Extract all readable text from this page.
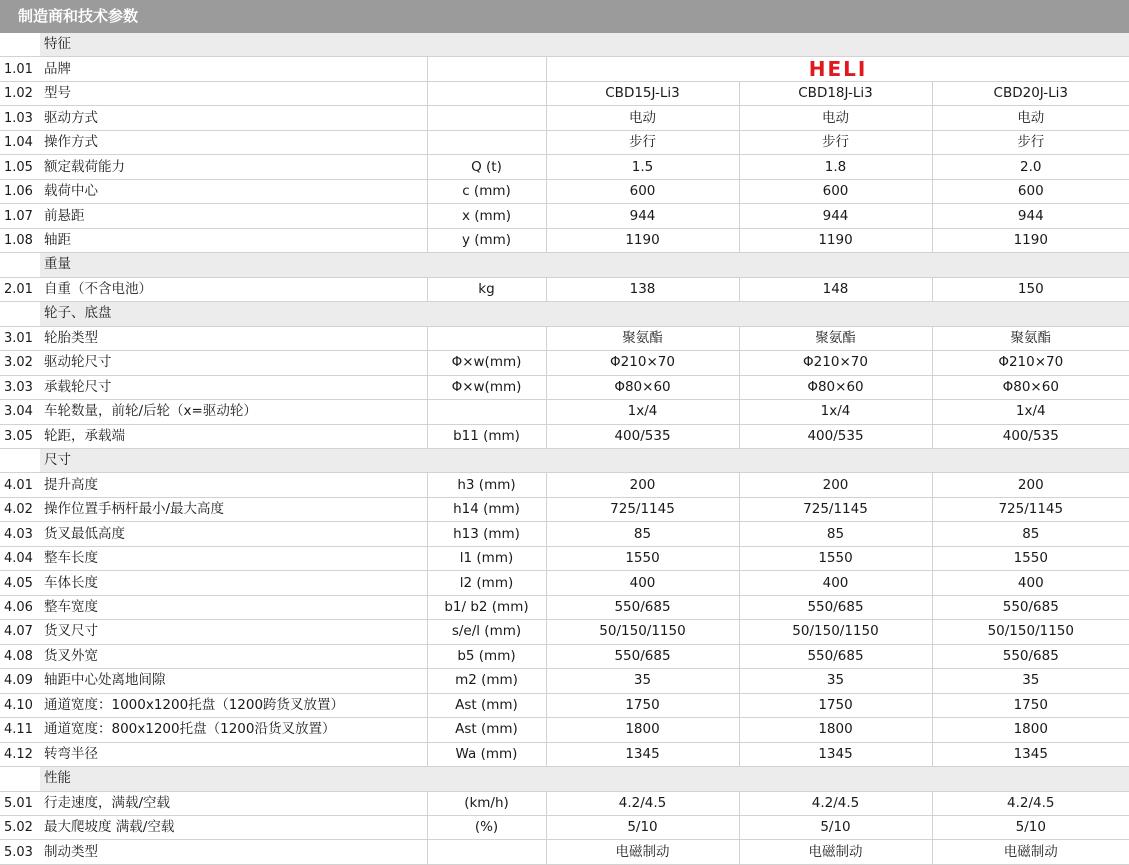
制造商和技术参数
	特征				
1.01	品牌		HELI		

1.02	型号		CBD15J-Li3	CBD18J-Li3	CBD20J-Li3
1.03	驱动方式		电动	电动	电动
1.04	操作方式		步行	步行	步行
1.05	额定载荷能力	Q (t)	1.5	1.8	2.0
1.06	载荷中心	c (mm)	600	600	600
1.07	前悬距	x (mm)	944	944	944
1.08	轴距	y (mm)	1190	1190	1190
	重量				
2.01	自重（不含电池）	kg	138	148	150
	轮子、底盘				
3.01	轮胎类型		聚氨酯	聚氨酯	聚氨酯
3.02	驱动轮尺寸	Φ×w(mm)	Φ210×70	Φ210×70	Φ210×70
3.03	承载轮尺寸	Φ×w(mm)	Φ80×60	Φ80×60	Φ80×60
3.04	车轮数量，前轮/后轮（x=驱动轮）		1x/4	1x/4	1x/4
3.05	轮距，承载端	b11 (mm)	400/535	400/535	400/535
	尺寸				
4.01	提升高度	h3 (mm)	200	200	200
4.02	操作位置手柄杆最小/最大高度	h14 (mm)	725/1145	725/1145	725/1145
4.03	货叉最低高度	h13 (mm)	85	85	85
4.04	整车长度	l1 (mm)	1550	1550	1550
4.05	车体长度	l2 (mm)	400	400	400
4.06	整车宽度	b1/ b2 (mm)	550/685	550/685	550/685
4.07	货叉尺寸	s/e/l (mm)	50/150/1150	50/150/1150	50/150/1150
4.08	货叉外宽	b5 (mm)	550/685	550/685	550/685
4.09	轴距中心处离地间隙	m2 (mm)	35	35	35
4.10	通道宽度：1000x1200托盘（1200跨货叉放置）	Ast (mm)	1750	1750	1750
4.11	通道宽度：800x1200托盘（1200沿货叉放置）	Ast (mm)	1800	1800	1800
4.12	转弯半径	Wa (mm)	1345	1345	1345
	性能				
5.01	行走速度，满载/空载	(km/h)	4.2/4.5	4.2/4.5	4.2/4.5
5.02	最大爬坡度 满载/空载	(%)	5/10	5/10	5/10
5.03	制动类型		电磁制动	电磁制动	电磁制动
